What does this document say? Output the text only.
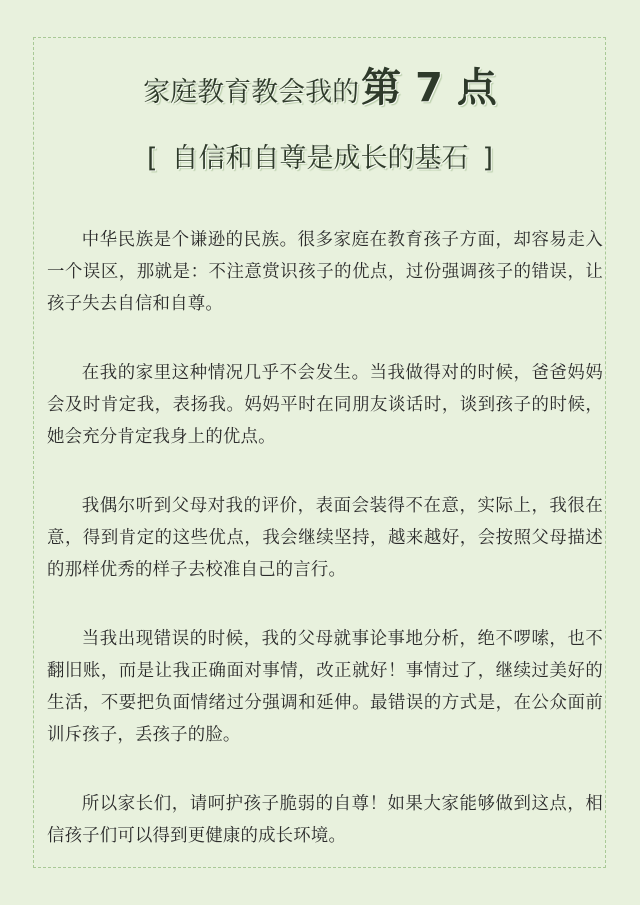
家庭教育教会我的第 7 点
[ 自信和自尊是成长的基石 ]

中华民族是个谦逊的民族。很多家庭在教育孩子方面，却容易走入一个误区，那就是：不注意赏识孩子的优点，过份强调孩子的错误，让孩子失去自信和自尊。

在我的家里这种情况几乎不会发生。当我做得对的时候，爸爸妈妈会及时肯定我，表扬我。妈妈平时在同朋友谈话时，谈到孩子的时候，她会充分肯定我身上的优点。

我偶尔听到父母对我的评价，表面会装得不在意，实际上，我很在意，得到肯定的这些优点，我会继续坚持，越来越好，会按照父母描述的那样优秀的样子去校准自己的言行。

当我出现错误的时候，我的父母就事论事地分析，绝不啰嗦，也不翻旧账，而是让我正确面对事情，改正就好！事情过了，继续过美好的生活，不要把负面情绪过分强调和延伸。最错误的方式是，在公众面前训斥孩子，丢孩子的脸。

所以家长们，请呵护孩子脆弱的自尊！如果大家能够做到这点，相信孩子们可以得到更健康的成长环境。
